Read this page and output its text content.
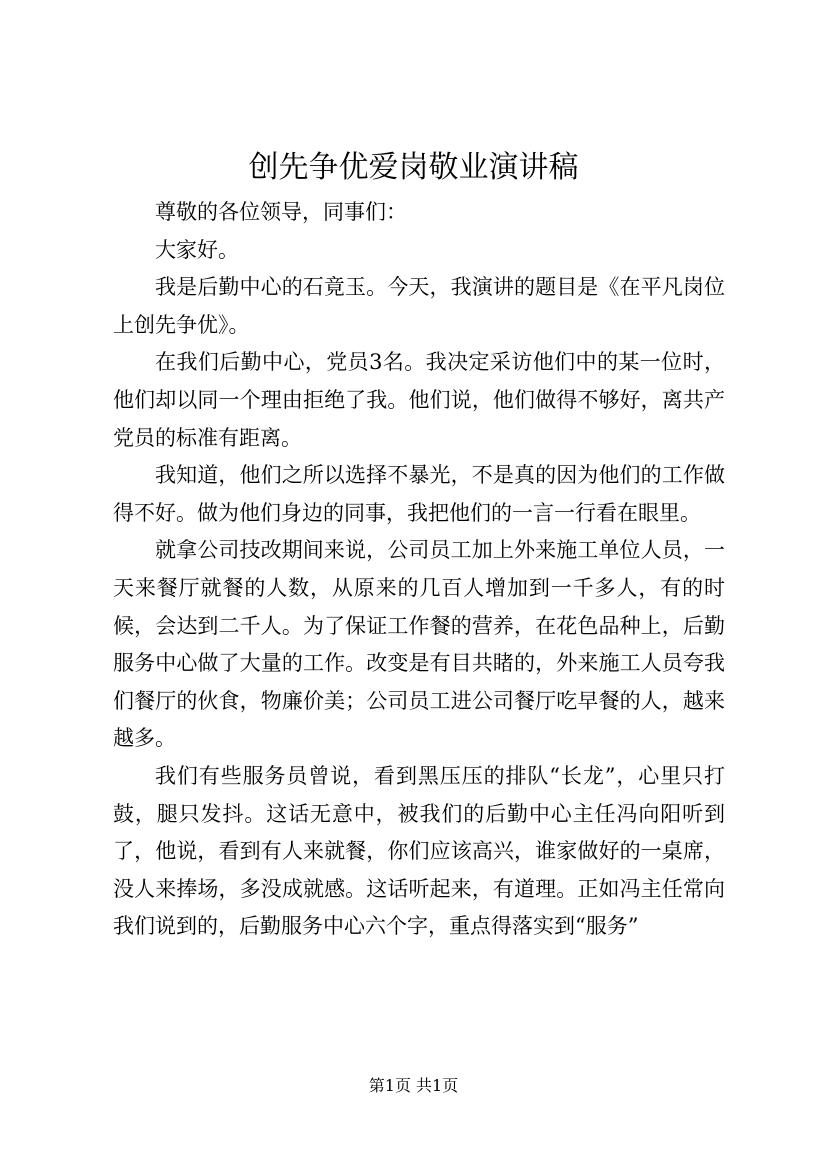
创先争优爱岗敬业演讲稿

尊敬的各位领导，同事们：

大家好。

我是后勤中心的石竟玉。今天，我演讲的题目是《在平凡岗位上创先争优》。

在我们后勤中心，党员3名。我决定采访他们中的某一位时，他们却以同一个理由拒绝了我。他们说，他们做得不够好，离共产党员的标准有距离。

我知道，他们之所以选择不暴光，不是真的因为他们的工作做得不好。做为他们身边的同事，我把他们的一言一行看在眼里。

就拿公司技改期间来说，公司员工加上外来施工单位人员，一天来餐厅就餐的人数，从原来的几百人增加到一千多人，有的时候，会达到二千人。为了保证工作餐的营养，在花色品种上，后勤服务中心做了大量的工作。改变是有目共睹的，外来施工人员夸我们餐厅的伙食，物廉价美；公司员工进公司餐厅吃早餐的人，越来越多。

我们有些服务员曾说，看到黑压压的排队“长龙”，心里只打鼓，腿只发抖。这话无意中，被我们的后勤中心主任冯向阳听到了，他说，看到有人来就餐，你们应该高兴，谁家做好的一桌席，没人来捧场，多没成就感。这话听起来，有道理。正如冯主任常向我们说到的，后勤服务中心六个字，重点得落实到“服务”

第1页 共1页
